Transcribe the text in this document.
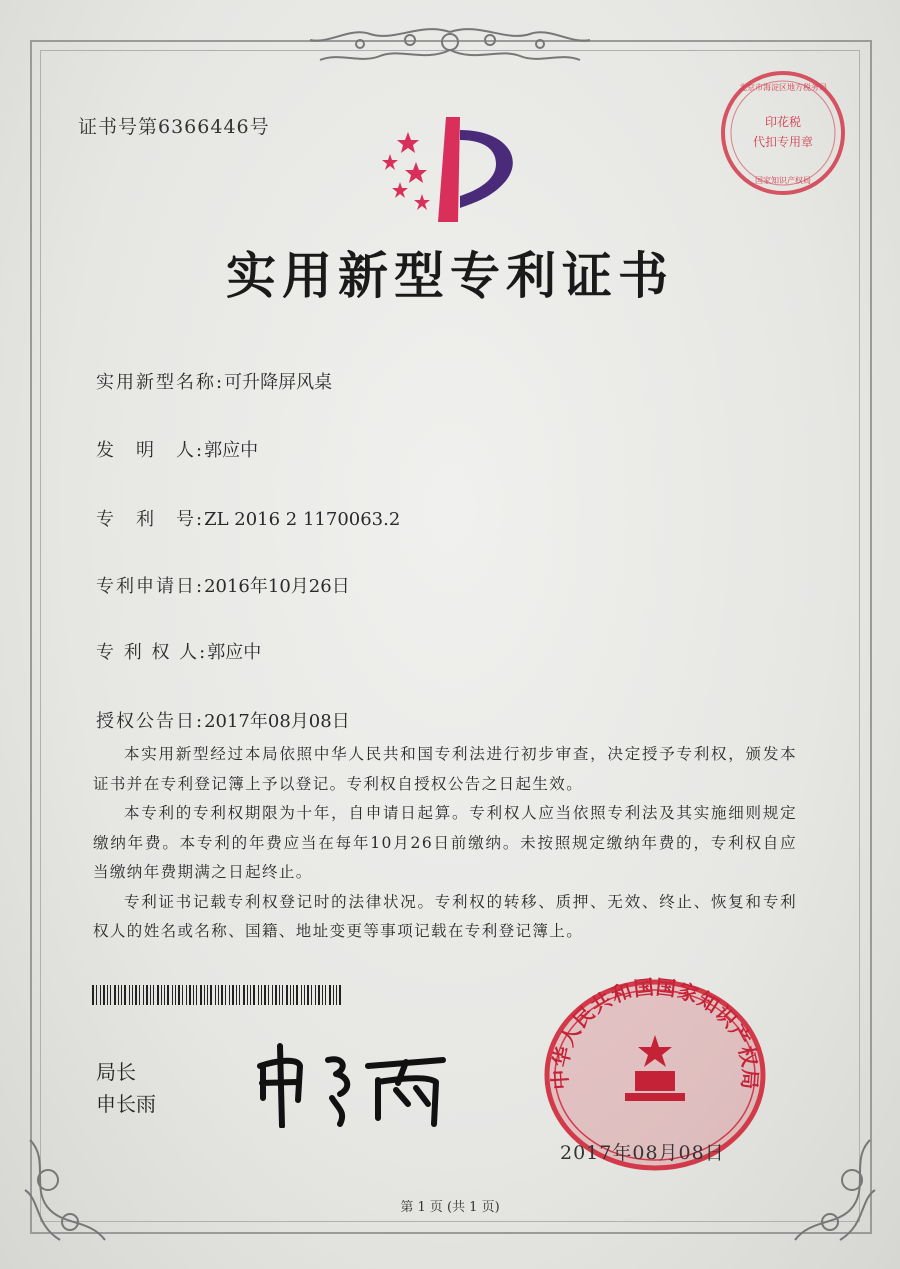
证书号第6366446号	印花税
代扣专用章
北京市海淀区地方税务局
国家知识产权局
实用新型专利证书
实用新型名称:可升降屏风桌
发　明　人:郭应中
专　利　号:ZL 2016 2 1170063.2
专利申请日:2016年10月26日
专 利 权 人:郭应中
授权公告日:2017年08月08日

本实用新型经过本局依照中华人民共和国专利法进行初步审查，决定授予专利权，颁发本证书并在专利登记簿上予以登记。专利权自授权公告之日起生效。

本专利的专利权期限为十年，自申请日起算。专利权人应当依照专利法及其实施细则规定缴纳年费。本专利的年费应当在每年10月26日前缴纳。未按照规定缴纳年费的，专利权自应当缴纳年费期满之日起终止。

专利证书记载专利权登记时的法律状况。专利权的转移、质押、无效、终止、恢复和专利权人的姓名或名称、国籍、地址变更等事项记载在专利登记簿上。

局长
申长雨
中华人民共和国国家知识产权局
2017年08月08日
第 1 页 (共 1 页)
